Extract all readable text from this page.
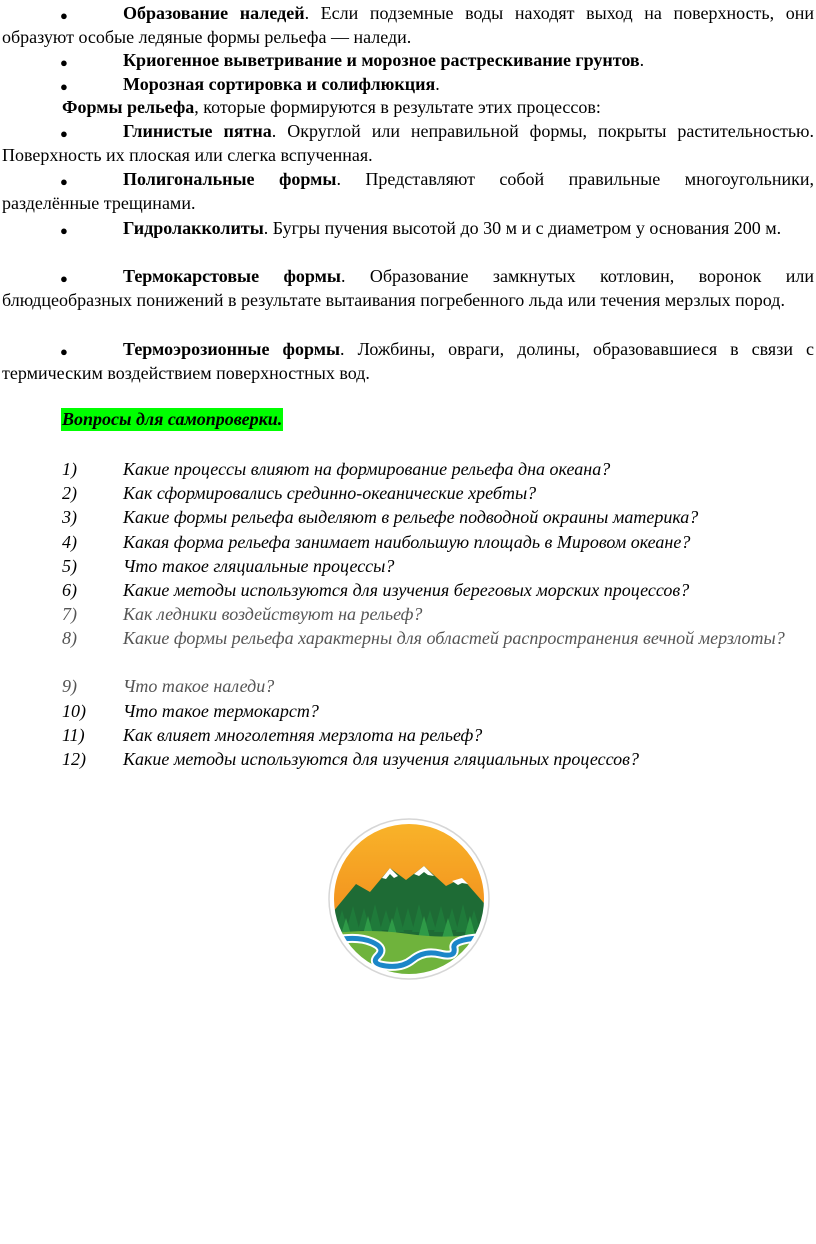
●	Образование наледей. Если подземные воды находят выход на поверхность, они образуют особые ледяные формы рельефа — наледи.

●	Криогенное выветривание и морозное растрескивание грунтов.

●	Морозная сортировка и солифлюкция.

Формы рельефа, которые формируются в результате этих процессов:

●	Глинистые пятна. Округлой или неправильной формы, покрыты растительностью. Поверхность их плоская или слегка вспученная.

●	Полигональные формы. Представляют собой правильные многоугольники, разделённые трещинами.

●	Гидролакколиты. Бугры пучения высотой до 30 м и с диаметром у основания 200 м.

●	Термокарстовые формы. Образование замкнутых котловин, воронок или блюдцеобразных понижений в результате вытаивания погребенного льда или течения мерзлых пород.

●	Термоэрозионные формы. Ложбины, овраги, долины, образовавшиеся в связи с термическим воздействием поверхностных вод.

Вопросы для самопроверки.
1)	Какие процессы влияют на формирование рельефа дна океана?

2)	Как сформировались срединно-океанические хребты?

3)	Какие формы рельефа выделяют в рельефе подводной окраины материка?

4)	Какая форма рельефа занимает наибольшую площадь в Мировом океане?

5)	Что такое гляциальные процессы?

6)	Какие методы используются для изучения береговых морских процессов?

7)	Как ледники воздействуют на рельеф?

8)	Какие формы рельефа характерны для областей распространения вечной мерзлоты?

9)	Что такое наледи?

10)	Что такое термокарст?

11)	Как влияет многолетняя мерзлота на рельеф?

12)	Какие методы используются для изучения гляциальных процессов?
